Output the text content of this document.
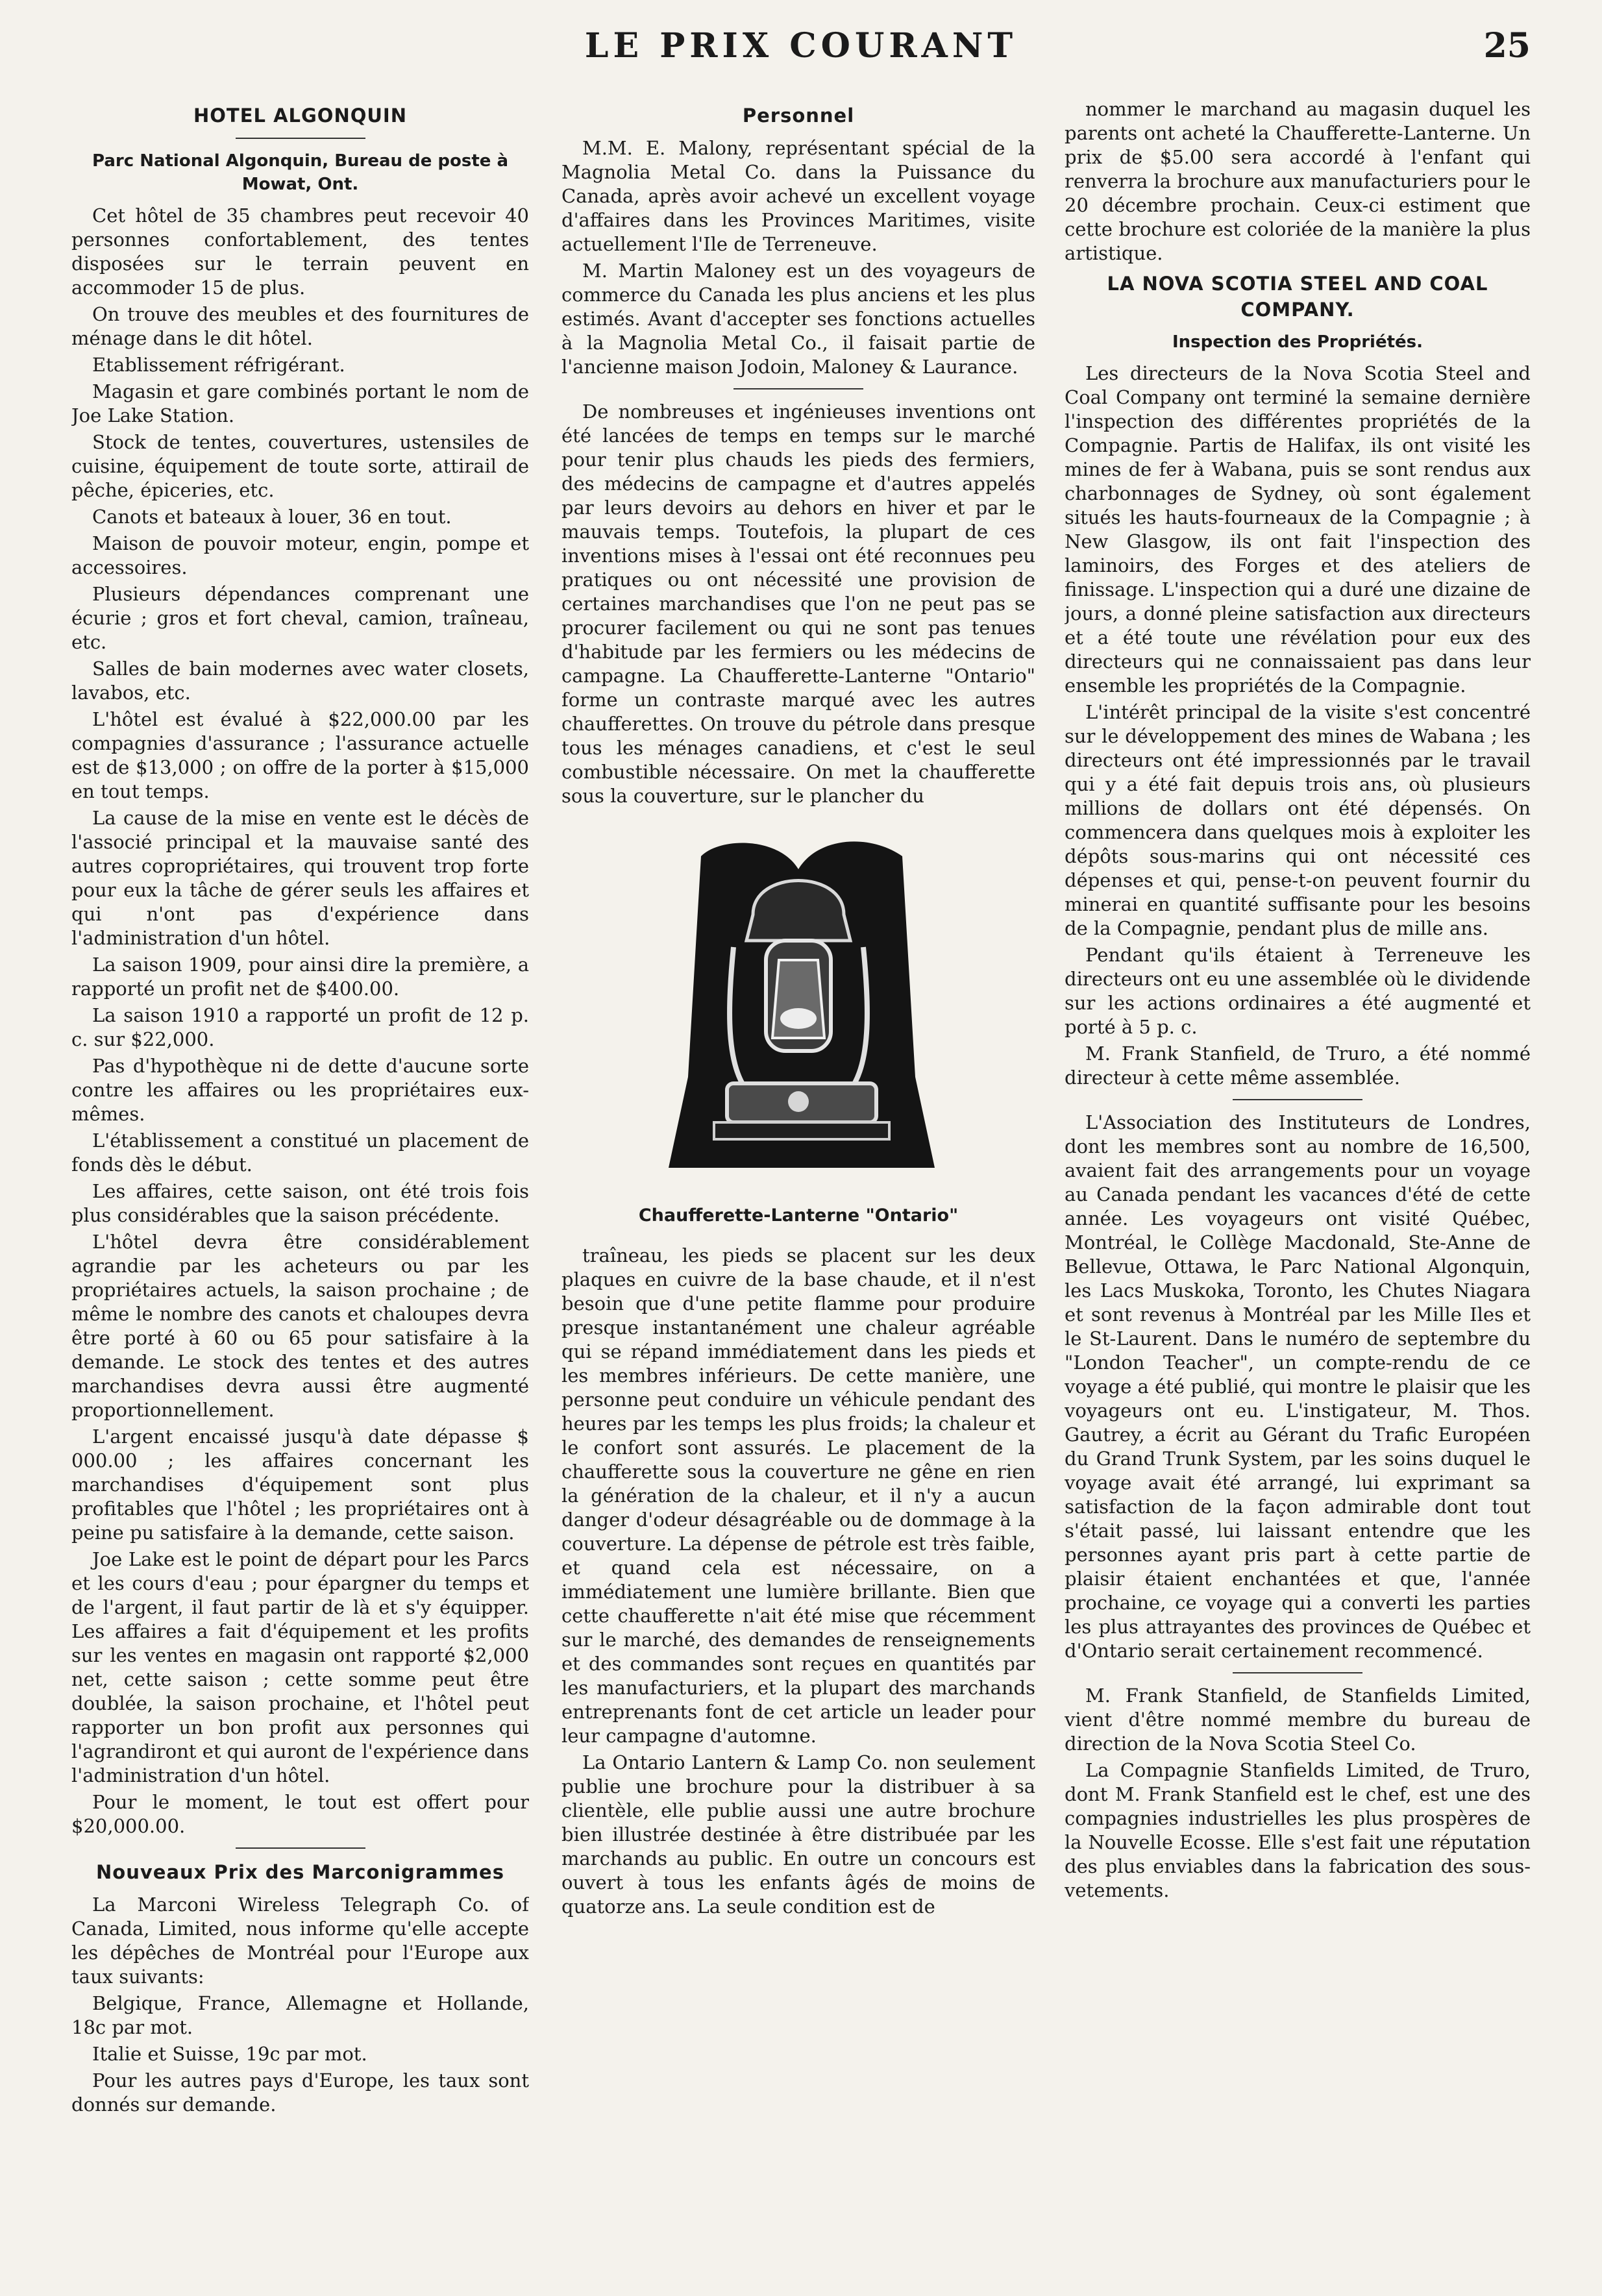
LE PRIX COURANT	25
HOTEL ALGONQUIN
Parc National Algonquin, Bureau de poste à Mowat, Ont.

Cet hôtel de 35 chambres peut recevoir 40 personnes confortablement, des tentes disposées sur le terrain peuvent en accommoder 15 de plus.

On trouve des meubles et des fournitures de ménage dans le dit hôtel.

Etablissement réfrigérant.

Magasin et gare combinés portant le nom de Joe Lake Station.

Stock de tentes, couvertures, ustensiles de cuisine, équipement de toute sorte, attirail de pêche, épiceries, etc.

Canots et bateaux à louer, 36 en tout.

Maison de pouvoir moteur, engin, pompe et accessoires.

Plusieurs dépendances comprenant une écurie ; gros et fort cheval, camion, traîneau, etc.

Salles de bain modernes avec water closets, lavabos, etc.

L'hôtel est évalué à $22,000.00 par les compagnies d'assurance ; l'assurance actuelle est de $13,000 ; on offre de la porter à $15,000 en tout temps.

La cause de la mise en vente est le décès de l'associé principal et la mauvaise santé des autres copropriétaires, qui trouvent trop forte pour eux la tâche de gérer seuls les affaires et qui n'ont pas d'expérience dans l'administration d'un hôtel.

La saison 1909, pour ainsi dire la première, a rapporté un profit net de $400.00.

La saison 1910 a rapporté un profit de 12 p. c. sur $22,000.

Pas d'hypothèque ni de dette d'aucune sorte contre les affaires ou les propriétaires eux-mêmes.

L'établissement a constitué un placement de fonds dès le début.

Les affaires, cette saison, ont été trois fois plus considérables que la saison précédente.

L'hôtel devra être considérablement agrandie par les acheteurs ou par les propriétaires actuels, la saison prochaine ; de même le nombre des canots et chaloupes devra être porté à 60 ou 65 pour satisfaire à la demande. Le stock des tentes et des autres marchandises devra aussi être augmenté proportionnellement.

L'argent encaissé jusqu'à date dépasse $ 000.00 ; les affaires concernant les marchandises d'équipement sont plus profitables que l'hôtel ; les propriétaires ont à peine pu satisfaire à la demande, cette saison.

Joe Lake est le point de départ pour les Parcs et les cours d'eau ; pour épargner du temps et de l'argent, il faut partir de là et s'y équipper. Les affaires a fait d'équipement et les profits sur les ventes en magasin ont rapporté $2,000 net, cette saison ; cette somme peut être doublée, la saison prochaine, et l'hôtel peut rapporter un bon profit aux personnes qui l'agrandiront et qui auront de l'expérience dans l'administration d'un hôtel.

Pour le moment, le tout est offert pour $20,000.00.

Nouveaux Prix des Marconigrammes

La Marconi Wireless Telegraph Co. of Canada, Limited, nous informe qu'elle accepte les dépêches de Montréal pour l'Europe aux taux suivants:

Belgique, France, Allemagne et Hollande, 18c par mot.

Italie et Suisse, 19c par mot.

Pour les autres pays d'Europe, les taux sont donnés sur demande.

Personnel

M.M. E. Malony, représentant spécial de la Magnolia Metal Co. dans la Puissance du Canada, après avoir achevé un excellent voyage d'affaires dans les Provinces Maritimes, visite actuellement l'Ile de Terreneuve.

M. Martin Maloney est un des voyageurs de commerce du Canada les plus anciens et les plus estimés. Avant d'accepter ses fonctions actuelles à la Magnolia Metal Co., il faisait partie de l'ancienne maison Jodoin, Maloney & Laurance.

De nombreuses et ingénieuses inventions ont été lancées de temps en temps sur le marché pour tenir plus chauds les pieds des fermiers, des médecins de campagne et d'autres appelés par leurs devoirs au dehors en hiver et par le mauvais temps. Toutefois, la plupart de ces inventions mises à l'essai ont été reconnues peu pratiques ou ont nécessité une provision de certaines marchandises que l'on ne peut pas se procurer facilement ou qui ne sont pas tenues d'habitude par les fermiers ou les médecins de campagne. La Chaufferette-Lanterne "Ontario" forme un contraste marqué avec les autres chaufferettes. On trouve du pétrole dans presque tous les ménages canadiens, et c'est le seul combustible nécessaire. On met la chaufferette sous la couverture, sur le plancher du

Chaufferette-Lanterne "Ontario"

traîneau, les pieds se placent sur les deux plaques en cuivre de la base chaude, et il n'est besoin que d'une petite flamme pour produire presque instantanément une chaleur agréable qui se répand immédiatement dans les pieds et les membres inférieurs. De cette manière, une personne peut conduire un véhicule pendant des heures par les temps les plus froids; la chaleur et le confort sont assurés. Le placement de la chaufferette sous la couverture ne gêne en rien la génération de la chaleur, et il n'y a aucun danger d'odeur désagréable ou de dommage à la couverture. La dépense de pétrole est très faible, et quand cela est nécessaire, on a immédiatement une lumière brillante. Bien que cette chaufferette n'ait été mise que récemment sur le marché, des demandes de renseignements et des commandes sont reçues en quantités par les manufacturiers, et la plupart des marchands entreprenants font de cet article un leader pour leur campagne d'automne.

La Ontario Lantern & Lamp Co. non seulement publie une brochure pour la distribuer à sa clientèle, elle publie aussi une autre brochure bien illustrée destinée à être distribuée par les marchands au public. En outre un concours est ouvert à tous les enfants âgés de moins de quatorze ans. La seule condition est de

nommer le marchand au magasin duquel les parents ont acheté la Chaufferette-Lanterne. Un prix de $5.00 sera accordé à l'enfant qui renverra la brochure aux manufacturiers pour le 20 décembre prochain. Ceux-ci estiment que cette brochure est coloriée de la manière la plus artistique.

LA NOVA SCOTIA STEEL AND COAL COMPANY.
Inspection des Propriétés.

Les directeurs de la Nova Scotia Steel and Coal Company ont terminé la semaine dernière l'inspection des différentes propriétés de la Compagnie. Partis de Halifax, ils ont visité les mines de fer à Wabana, puis se sont rendus aux charbonnages de Sydney, où sont également situés les hauts-fourneaux de la Compagnie ; à New Glasgow, ils ont fait l'inspection des laminoirs, des Forges et des ateliers de finissage. L'inspection qui a duré une dizaine de jours, a donné pleine satisfaction aux directeurs et a été toute une révélation pour eux des directeurs qui ne connaissaient pas dans leur ensemble les propriétés de la Compagnie.

L'intérêt principal de la visite s'est concentré sur le développement des mines de Wabana ; les directeurs ont été impressionnés par le travail qui y a été fait depuis trois ans, où plusieurs millions de dollars ont été dépensés. On commencera dans quelques mois à exploiter les dépôts sous-marins qui ont nécessité ces dépenses et qui, pense-t-on peuvent fournir du minerai en quantité suffisante pour les besoins de la Compagnie, pendant plus de mille ans.

Pendant qu'ils étaient à Terreneuve les directeurs ont eu une assemblée où le dividende sur les actions ordinaires a été augmenté et porté à 5 p. c.

M. Frank Stanfield, de Truro, a été nommé directeur à cette même assemblée.

L'Association des Instituteurs de Londres, dont les membres sont au nombre de 16,500, avaient fait des arrangements pour un voyage au Canada pendant les vacances d'été de cette année. Les voyageurs ont visité Québec, Montréal, le Collège Macdonald, Ste-Anne de Bellevue, Ottawa, le Parc National Algonquin, les Lacs Muskoka, Toronto, les Chutes Niagara et sont revenus à Montréal par les Mille Iles et le St-Laurent. Dans le numéro de septembre du "London Teacher", un compte-rendu de ce voyage a été publié, qui montre le plaisir que les voyageurs ont eu. L'instigateur, M. Thos. Gautrey, a écrit au Gérant du Trafic Européen du Grand Trunk System, par les soins duquel le voyage avait été arrangé, lui exprimant sa satisfaction de la façon admirable dont tout s'était passé, lui laissant entendre que les personnes ayant pris part à cette partie de plaisir étaient enchantées et que, l'année prochaine, ce voyage qui a converti les parties les plus attrayantes des provinces de Québec et d'Ontario serait certainement recommencé.

M. Frank Stanfield, de Stanfields Limited, vient d'être nommé membre du bureau de direction de la Nova Scotia Steel Co.

La Compagnie Stanfields Limited, de Truro, dont M. Frank Stanfield est le chef, est une des compagnies industrielles les plus prospères de la Nouvelle Ecosse. Elle s'est fait une réputation des plus enviables dans la fabrication des sous-vetements.
